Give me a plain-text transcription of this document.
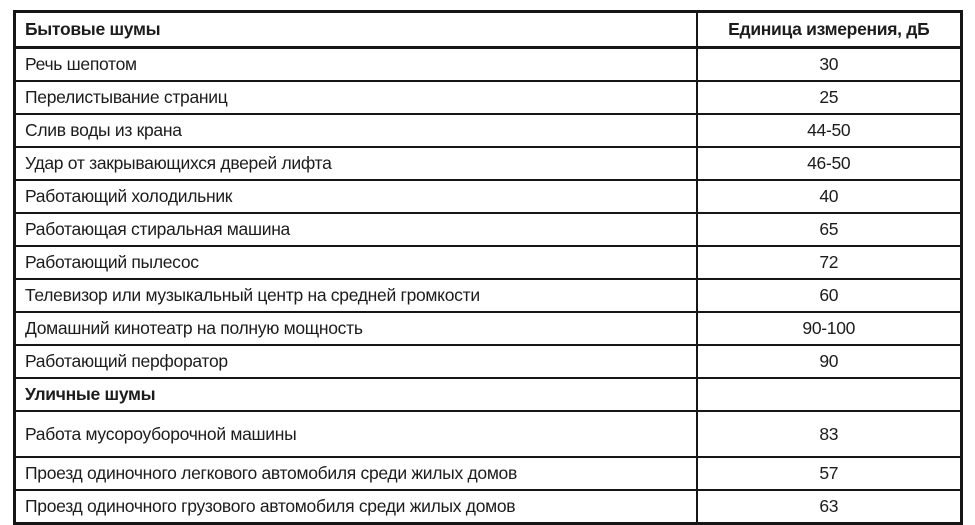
Бытовые шумы	Единица измерения, дБ
Речь шепотом	30
Перелистывание страниц	25
Слив воды из крана	44-50
Удар от закрывающихся дверей лифта	46-50
Работающий холодильник	40
Работающая стиральная машина	65
Работающий пылесос	72
Телевизор или музыкальный центр на средней громкости	60
Домашний кинотеатр на полную мощность	90-100
Работающий перфоратор	90
Уличные шумы	
Работа мусороуборочной машины	83
Проезд одиночного легкового автомобиля среди жилых домов	57
Проезд одиночного грузового автомобиля среди жилых домов	63
